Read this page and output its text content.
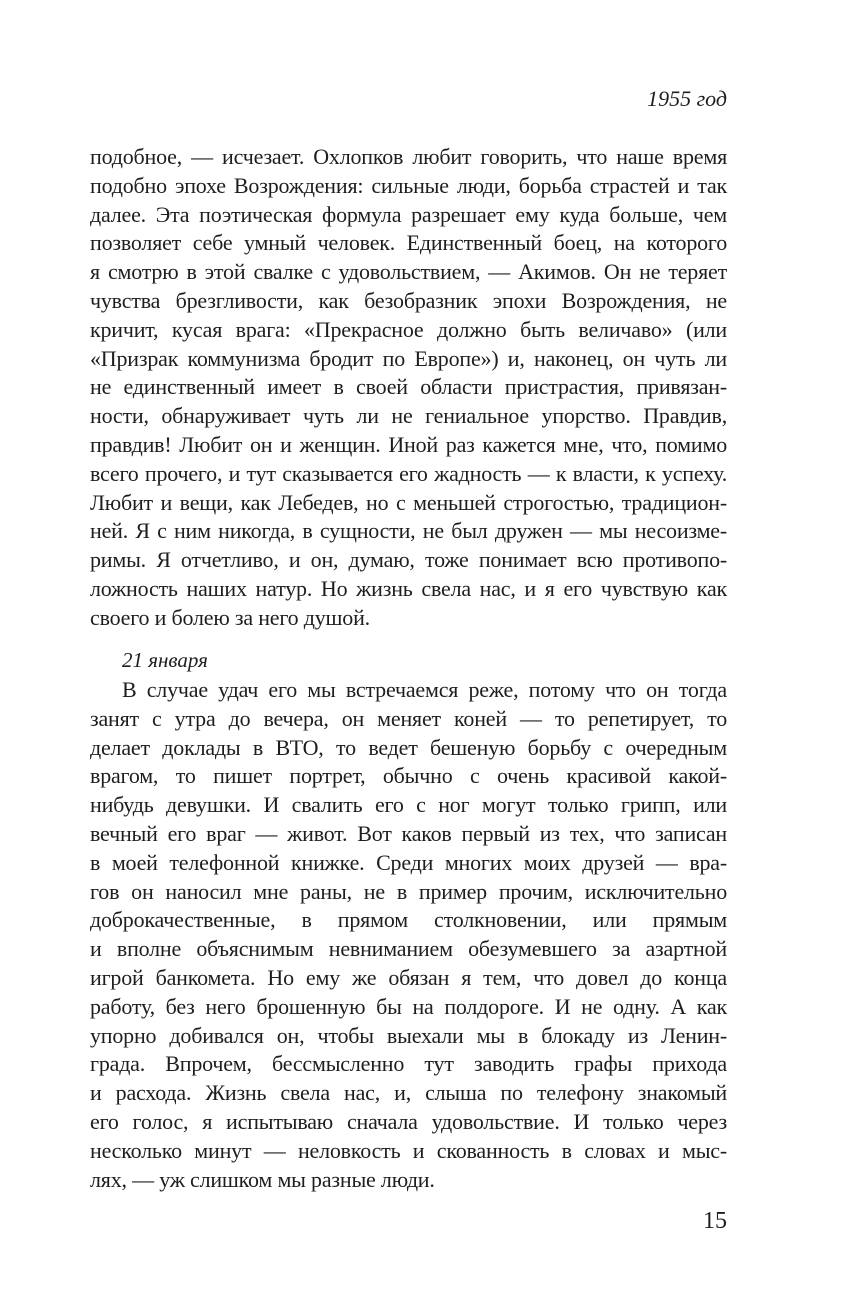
1955 год
подобное, — исчезает. Охлопков любит говорить, что наше время
подобно эпохе Возрождения: сильные люди, борьба страстей и так
далее. Эта поэтическая формула разрешает ему куда больше, чем
позволяет себе умный человек. Единственный боец, на которого
я смотрю в этой свалке с удовольствием, — Акимов. Он не теряет
чувства брезгливости, как безобразник эпохи Возрождения, не
кричит, кусая врага: «Прекрасное должно быть величаво» (или
«Призрак коммунизма бродит по Европе») и, наконец, он чуть ли
не единственный имеет в своей области пристрастия, привязан-
ности, обнаруживает чуть ли не гениальное упорство. Правдив,
правдив! Любит он и женщин. Иной раз кажется мне, что, помимо
всего прочего, и тут сказывается его жадность — к власти, к успеху.
Любит и вещи, как Лебедев, но с меньшей строгостью, традицион-
ней. Я с ним никогда, в сущности, не был дружен — мы несоизме-
римы. Я отчетливо, и он, думаю, тоже понимает всю противопо-
ложность наших натур. Но жизнь свела нас, и я его чувствую как
своего и болею за него душой.
21 января
В случае удач его мы встречаемся реже, потому что он тогда
занят с утра до вечера, он меняет коней — то репетирует, то
делает доклады в ВТО, то ведет бешеную борьбу с очередным
врагом, то пишет портрет, обычно с очень красивой какой-
нибудь девушки. И свалить его с ног могут только грипп, или
вечный его враг — живот. Вот каков первый из тех, что записан
в моей телефонной книжке. Среди многих моих друзей — вра-
гов он наносил мне раны, не в пример прочим, исключительно
доброкачественные, в прямом столкновении, или прямым
и вполне объяснимым невниманием обезумевшего за азартной
игрой банкомета. Но ему же обязан я тем, что довел до конца
работу, без него брошенную бы на полдороге. И не одну. А как
упорно добивался он, чтобы выехали мы в блокаду из Ленин-
града. Впрочем, бессмысленно тут заводить графы прихода
и расхода. Жизнь свела нас, и, слыша по телефону знакомый
его голос, я испытываю сначала удовольствие. И только через
несколько минут — неловкость и скованность в словах и мыс-
лях, — уж слишком мы разные люди.
15
